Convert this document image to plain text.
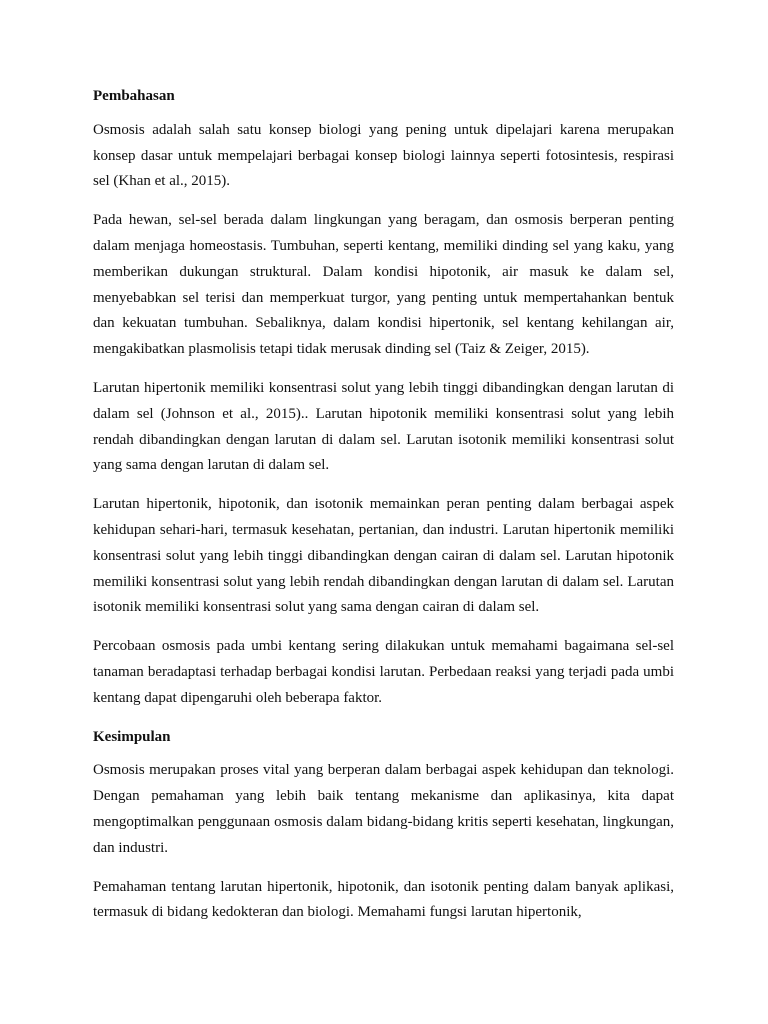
Pembahasan

Osmosis adalah salah satu konsep biologi yang pening untuk dipelajari karena merupakan konsep dasar untuk mempelajari berbagai konsep biologi lainnya seperti fotosintesis, respirasi sel (Khan et al., 2015).

Pada hewan, sel-sel berada dalam lingkungan yang beragam, dan osmosis berperan penting dalam menjaga homeostasis. Tumbuhan, seperti kentang, memiliki dinding sel yang kaku, yang memberikan dukungan struktural. Dalam kondisi hipotonik, air masuk ke dalam sel, menyebabkan sel terisi dan memperkuat turgor, yang penting untuk mempertahankan bentuk dan kekuatan tumbuhan. Sebaliknya, dalam kondisi hipertonik, sel kentang kehilangan air, mengakibatkan plasmolisis tetapi tidak merusak dinding sel (Taiz & Zeiger, 2015).

Larutan hipertonik memiliki konsentrasi solut yang lebih tinggi dibandingkan dengan larutan di dalam sel (Johnson et al., 2015).. Larutan hipotonik memiliki konsentrasi solut yang lebih rendah dibandingkan dengan larutan di dalam sel. Larutan isotonik memiliki konsentrasi solut yang sama dengan larutan di dalam sel.

Larutan hipertonik, hipotonik, dan isotonik memainkan peran penting dalam berbagai aspek kehidupan sehari-hari, termasuk kesehatan, pertanian, dan industri. Larutan hipertonik memiliki konsentrasi solut yang lebih tinggi dibandingkan dengan cairan di dalam sel. Larutan hipotonik memiliki konsentrasi solut yang lebih rendah dibandingkan dengan larutan di dalam sel. Larutan isotonik memiliki konsentrasi solut yang sama dengan cairan di dalam sel.

Percobaan osmosis pada umbi kentang sering dilakukan untuk memahami bagaimana sel-sel tanaman beradaptasi terhadap berbagai kondisi larutan. Perbedaan reaksi yang terjadi pada umbi kentang dapat dipengaruhi oleh beberapa faktor.

Kesimpulan

Osmosis merupakan proses vital yang berperan dalam berbagai aspek kehidupan dan teknologi. Dengan pemahaman yang lebih baik tentang mekanisme dan aplikasinya, kita dapat mengoptimalkan penggunaan osmosis dalam bidang-bidang kritis seperti kesehatan, lingkungan, dan industri.

Pemahaman tentang larutan hipertonik, hipotonik, dan isotonik penting dalam banyak aplikasi, termasuk di bidang kedokteran dan biologi. Memahami fungsi larutan hipertonik,
